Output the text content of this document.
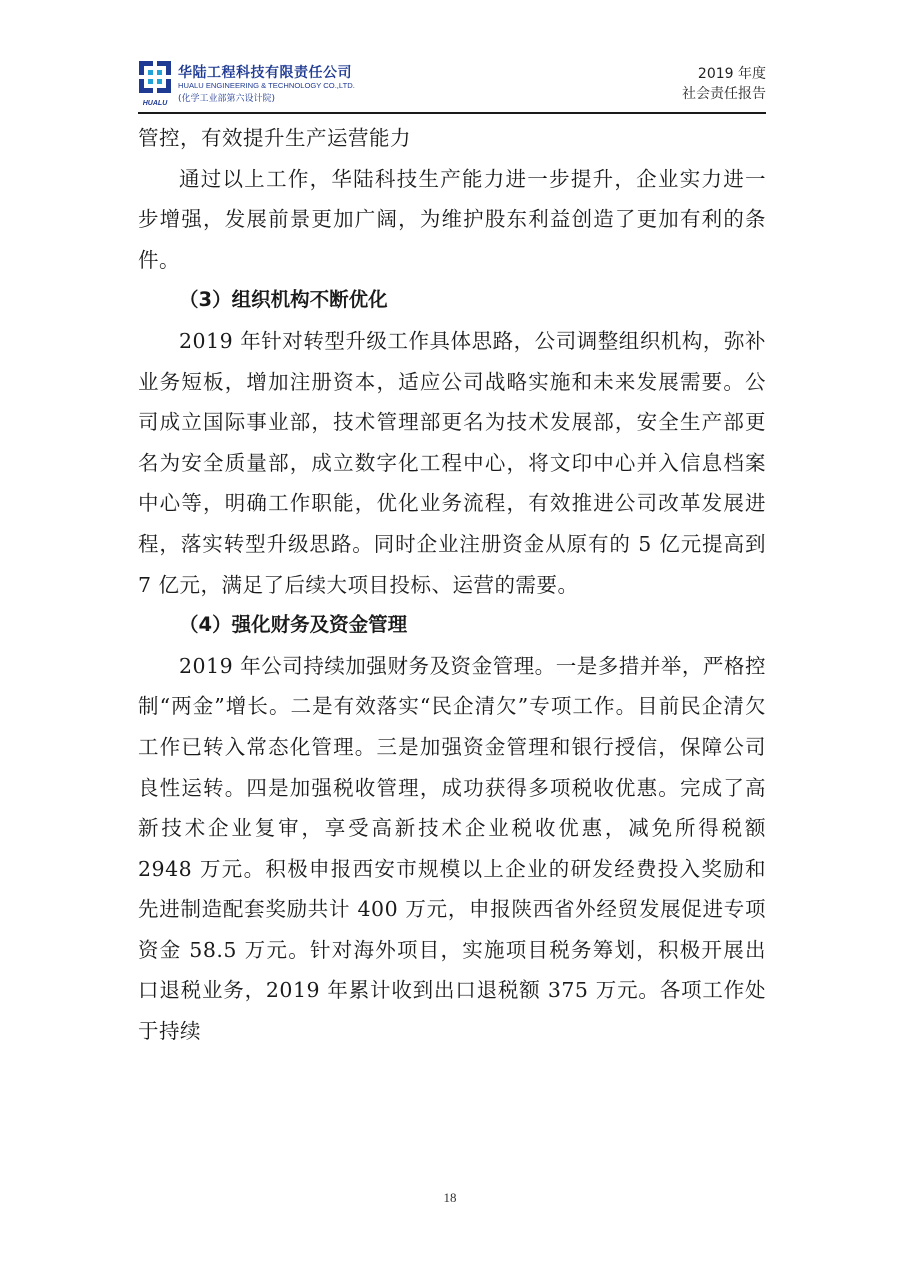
HUALU
华陆工程科技有限责任公司
HUALU ENGINEERING & TECHNOLOGY CO.,LTD.
(化学工业部第六设计院)
2019 年度
社会责任报告

管控，有效提升生产运营能力

通过以上工作，华陆科技生产能力进一步提升，企业实力进一步增强，发展前景更加广阔，为维护股东利益创造了更加有利的条件。

（3）组织机构不断优化

2019 年针对转型升级工作具体思路，公司调整组织机构，弥补业务短板，增加注册资本，适应公司战略实施和未来发展需要。公司成立国际事业部，技术管理部更名为技术发展部，安全生产部更名为安全质量部，成立数字化工程中心，将文印中心并入信息档案中心等，明确工作职能，优化业务流程，有效推进公司改革发展进程，落实转型升级思路。同时企业注册资金从原有的 5 亿元提高到 7 亿元，满足了后续大项目投标、运营的需要。

（4）强化财务及资金管理

2019 年公司持续加强财务及资金管理。一是多措并举，严格控制“两金”增长。二是有效落实“民企清欠”专项工作。目前民企清欠工作已转入常态化管理。三是加强资金管理和银行授信，保障公司良性运转。四是加强税收管理，成功获得多项税收优惠。完成了高新技术企业复审，享受高新技术企业税收优惠，减免所得税额 2948 万元。积极申报西安市规模以上企业的研发经费投入奖励和先进制造配套奖励共计 400 万元，申报陕西省外经贸发展促进专项资金 58.5 万元。针对海外项目，实施项目税务筹划，积极开展出口退税业务，2019 年累计收到出口退税额 375 万元。各项工作处于持续

18
